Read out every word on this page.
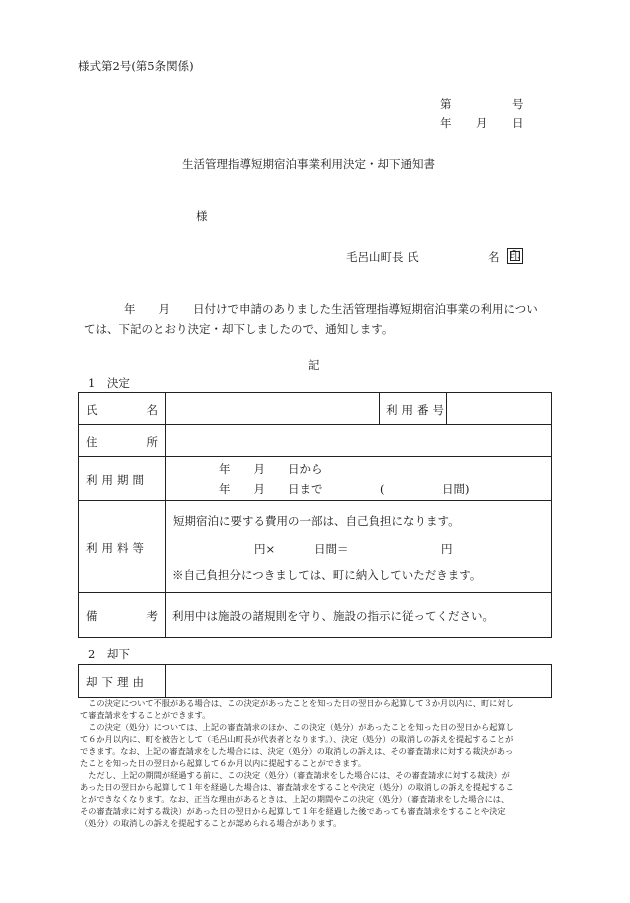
様式第2号(第5条関係)
第	号
年 月 日
生活管理指導短期宿泊事業利用決定・却下通知書
様
毛呂山町長 氏	名 印
年　　月　　日付けで申請のありました生活管理指導短期宿泊事業の利用につい
ては、下記のとおり決定・却下しましたので、通知します。
記
1　決定
氏	名	利用番号
住	所
利用期間
年　　月　　日から
年　　月　　日まで　　　　　(　　　　　日間)
利用料等
短期宿泊に要する費用の一部は、自己負担になります。
円×	日間＝	円
※自己負担分につきましては、町に納入していただきます。
備	考 利用中は施設の諸規則を守り、施設の指示に従ってください。
2　却下
却下理由
　この決定について不服がある場合は、この決定があったことを知った日の翌日から起算して３か月以内に、町に対し
て審査請求をすることができます。
　この決定（処分）については、上記の審査請求のほか、この決定（処分）があったことを知った日の翌日から起算し
て６か月以内に、町を被告として（毛呂山町長が代表者となります。）、決定（処分）の取消しの訴えを提起することが
できます。なお、上記の審査請求をした場合には、決定（処分）の取消しの訴えは、その審査請求に対する裁決があっ
たことを知った日の翌日から起算して６か月以内に提起することができます。
　ただし、上記の期間が経過する前に、この決定（処分）（審査請求をした場合には、その審査請求に対する裁決）が
あった日の翌日から起算して１年を経過した場合は、審査請求をすることや決定（処分）の取消しの訴えを提起するこ
とができなくなります。なお、正当な理由があるときは、上記の期間やこの決定（処分）（審査請求をした場合には、
その審査請求に対する裁決）があった日の翌日から起算して１年を経過した後であっても審査請求をすることや決定
（処分）の取消しの訴えを提起することが認められる場合があります。
